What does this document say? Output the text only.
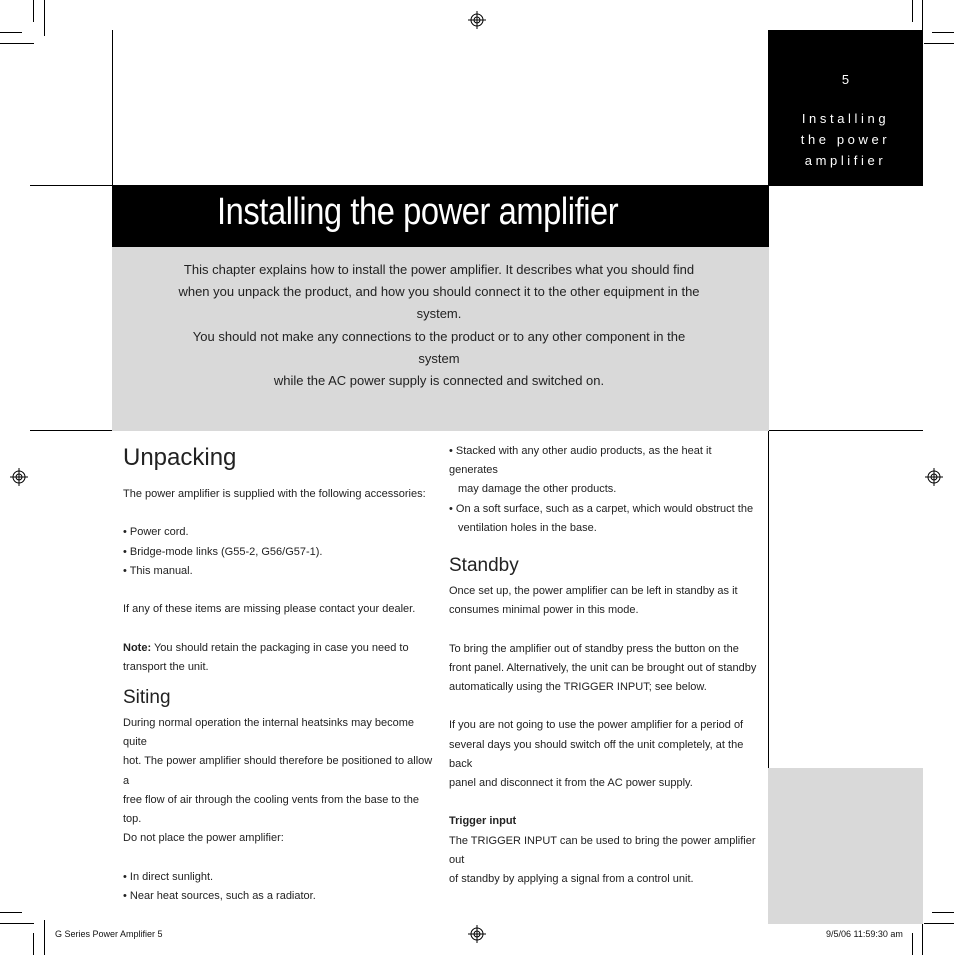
5
Installing
the power
amplifier
Installing the power amplifier
This chapter explains how to install the power amplifier. It describes what you should find
when you unpack the product, and how you should connect it to the other equipment in the
system.
You should not make any connections to the product or to any other component in the system
while the AC power supply is connected and switched on.
Unpacking

The power amplifier is supplied with the following accessories:

• Power cord.

• Bridge-mode links (G55-2, G56/G57-1).

• This manual.

If any of these items are missing please contact your dealer.

Note: You should retain the packaging in case you need to

transport the unit.

Siting

During normal operation the internal heatsinks may become quite

hot. The power amplifier should therefore be positioned to allow a

free flow of air through the cooling vents from the base to the top.

Do not place the power amplifier:

• In direct sunlight.

• Near heat sources, such as a radiator.

• Stacked with any other audio products, as the heat it generates

may damage the other products.

• On a soft surface, such as a carpet, which would obstruct the

ventilation holes in the base.

Standby

Once set up, the power amplifier can be left in standby as it

consumes minimal power in this mode.

To bring the amplifier out of standby press the button on the

front panel. Alternatively, the unit can be brought out of standby

automatically using the TRIGGER INPUT; see below.

If you are not going to use the power amplifier for a period of

several days you should switch off the unit completely, at the back

panel and disconnect it from the AC power supply.

Trigger input

The TRIGGER INPUT can be used to bring the power amplifier out

of standby by applying a signal from a control unit.

G Series Power Amplifier 5	9/5/06 11:59:30 am
